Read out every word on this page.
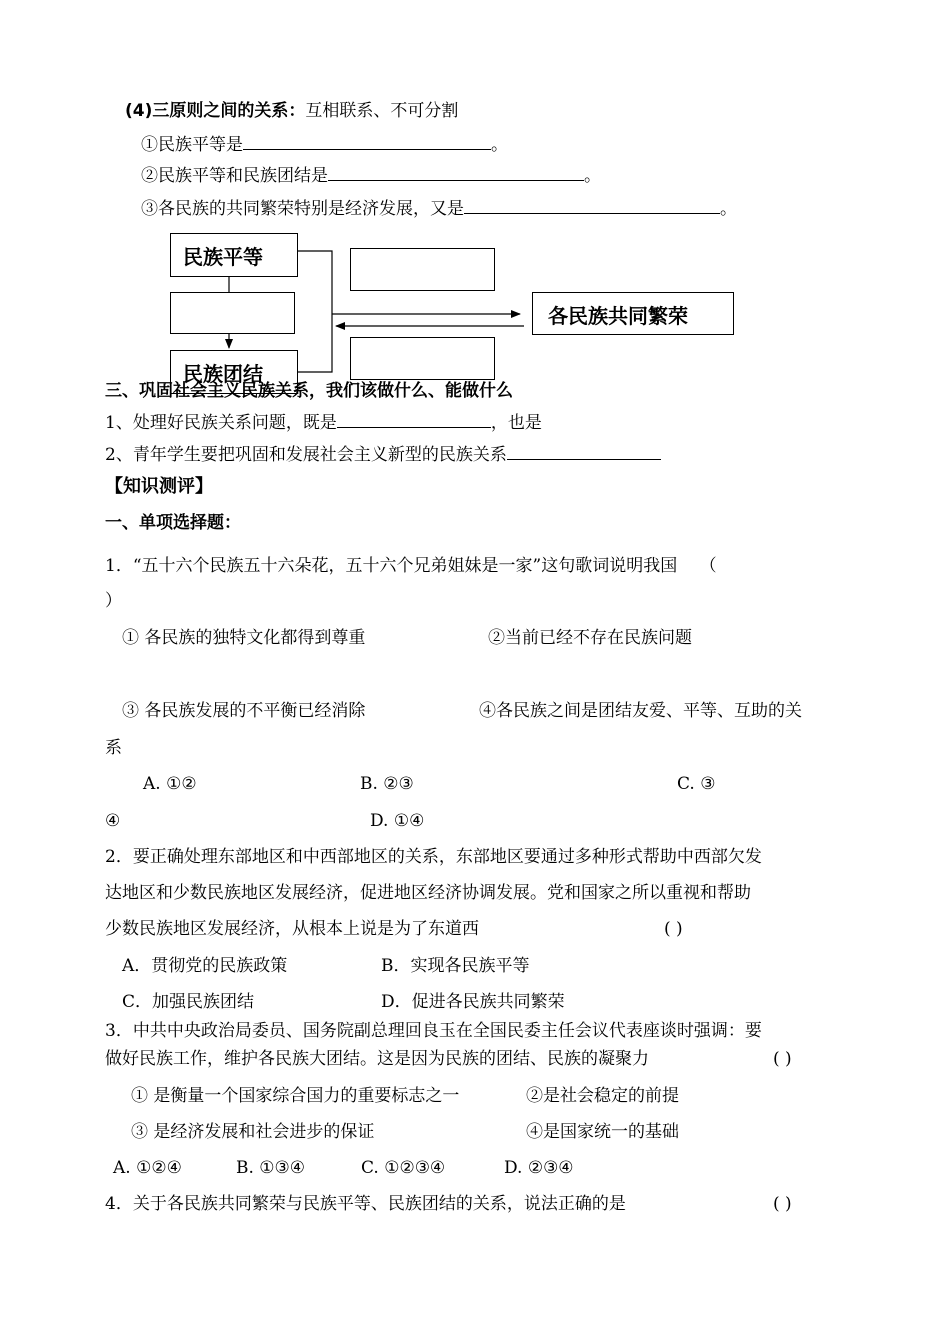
(4)三原则之间的关系：互相联系、不可分割
①民族平等是	。
②民族平等和民族团结是	。
③各民族的共同繁荣特别是经济发展，又是	。
民族平等
民族团结
各民族共同繁荣
三、巩固社会主义民族关系，我们该做什么、能做什么
1、处理好民族关系问题，既是	，也是
2、青年学生要把巩固和发展社会主义新型的民族关系
【知识测评】
一、单项选择题：
1．“五十六个民族五十六朵花，五十六个兄弟姐妹是一家”这句歌词说明我国　 （
）
① 各民族的独特文化都得到尊重	②当前已经不存在民族问题
③ 各民族发展的不平衡已经消除	④各民族之间是团结友爱、平等、互助的关
系
A. ①②	B. ②③	C. ③
④	D. ①④
2．要正确处理东部地区和中西部地区的关系，东部地区要通过多种形式帮助中西部欠发
达地区和少数民族地区发展经济，促进地区经济协调发展。党和国家之所以重视和帮助
少数民族地区发展经济，从根本上说是为了东道西	( )
A．贯彻党的民族政策	B．实现各民族平等
C．加强民族团结	D．促进各民族共同繁荣
3．中共中央政治局委员、国务院副总理回良玉在全国民委主任会议代表座谈时强调：要
做好民族工作，维护各民族大团结。这是因为民族的团结、民族的凝聚力	( )
① 是衡量一个国家综合国力的重要标志之一	②是社会稳定的前提
③ 是经济发展和社会进步的保证	④是国家统一的基础
A. ①②④	B. ①③④	C. ①②③④	D. ②③④
4．关于各民族共同繁荣与民族平等、民族团结的关系，说法正确的是	( )
